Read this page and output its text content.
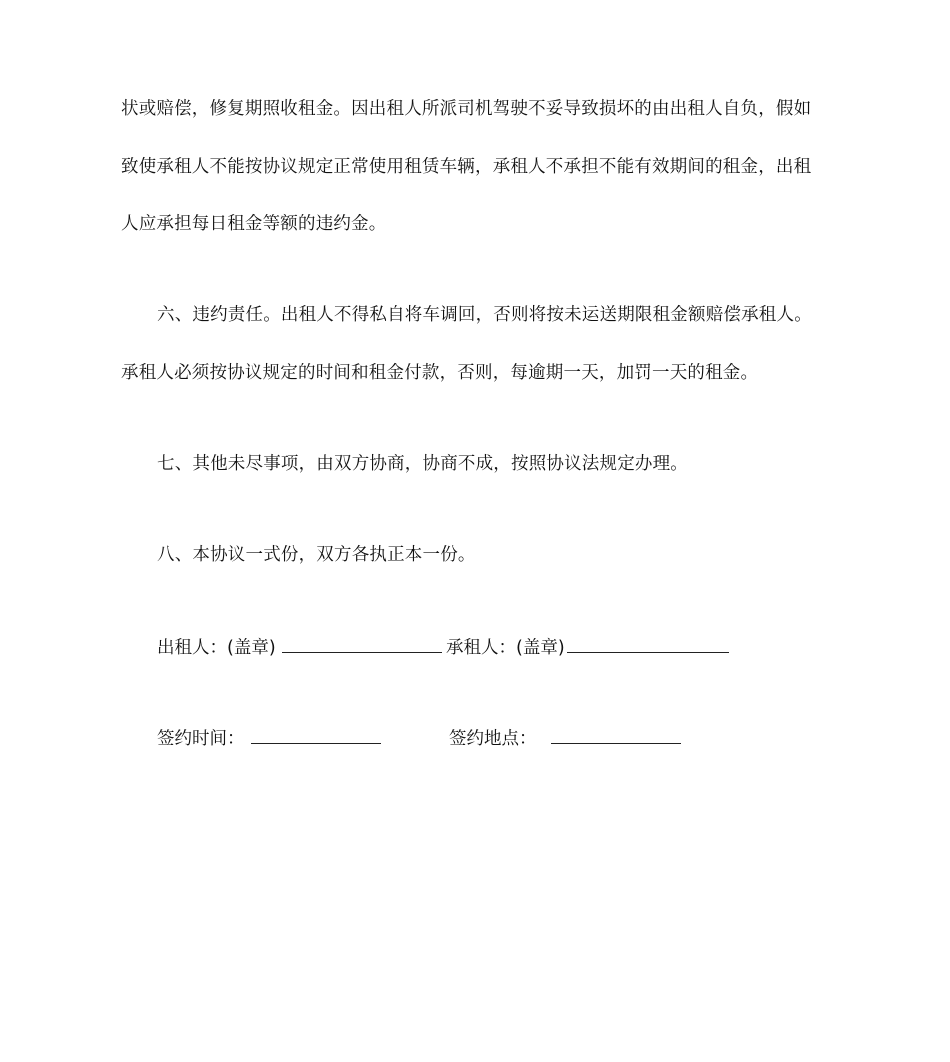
状或赔偿，修复期照收租金。因出租人所派司机驾驶不妥导致损坏的由出租人自负，假如
致使承租人不能按协议规定正常使用租赁车辆，承租人不承担不能有效期间的租金，出租
人应承担每日租金等额的违约金。
六、违约责任。出租人不得私自将车调回，否则将按未运送期限租金额赔偿承租人。
承租人必须按协议规定的时间和租金付款，否则，每逾期一天，加罚一天的租金。
七、其他未尽事项，由双方协商，协商不成，按照协议法规定办理。
八、本协议一式份，双方各执正本一份。
出租人：(盖章)	承租人：(盖章)
签约时间：	签约地点：
